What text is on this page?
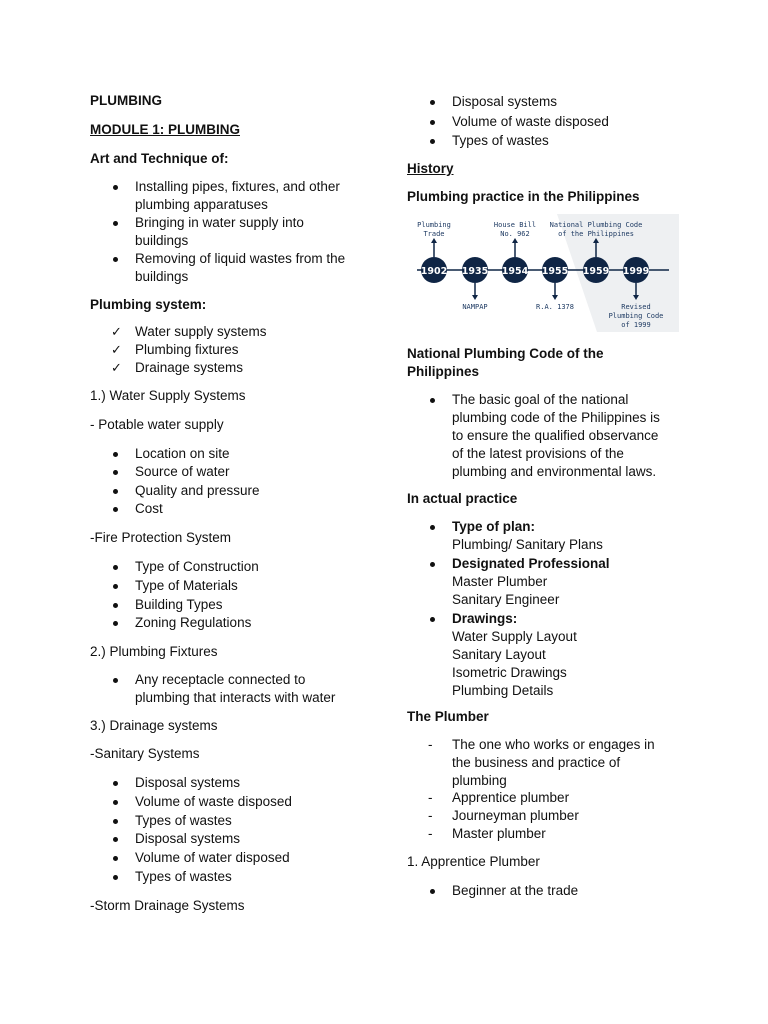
PLUMBING
MODULE 1: PLUMBING
Art and Technique of:
Installing pipes, fixtures, and other
plumbing apparatuses
Bringing in water supply into
buildings
Removing of liquid wastes from the
buildings
Plumbing system:
✓ Water supply systems
✓ Plumbing fixtures
✓ Drainage systems
1.) Water Supply Systems
- Potable water supply
Location on site
Source of water
Quality and pressure
Cost
-Fire Protection System
Type of Construction
Type of Materials
Building Types
Zoning Regulations
2.) Plumbing Fixtures
Any receptacle connected to
plumbing that interacts with water
3.) Drainage systems
-Sanitary Systems
Disposal systems
Volume of waste disposed
Types of wastes
Disposal systems
Volume of water disposed
Types of wastes
-Storm Drainage Systems
Disposal systems
Volume of waste disposed
Types of wastes
History
Plumbing practice in the Philippines
National Plumbing Code of the
Philippines
The basic goal of the national
plumbing code of the Philippines is
to ensure the qualified observance
of the latest provisions of the
plumbing and environmental laws.
In actual practice
Type of plan:
Plumbing/ Sanitary Plans
Designated Professional
Master Plumber
Sanitary Engineer
Drawings:
Water Supply Layout
Sanitary Layout
Isometric Drawings
Plumbing Details
The Plumber
- The one who works or engages in
the business and practice of
plumbing
- Apprentice plumber
- Journeyman plumber
- Master plumber
1. Apprentice Plumber
Beginner at the trade
1902 1935 1954 1955 1959 1999
Plumbing
Trade
House Bill
No. 962
National Plumbing Code
of the Philippines
NAMPAP	R.A. 1378	Revised
Plumbing Code
of 1999
